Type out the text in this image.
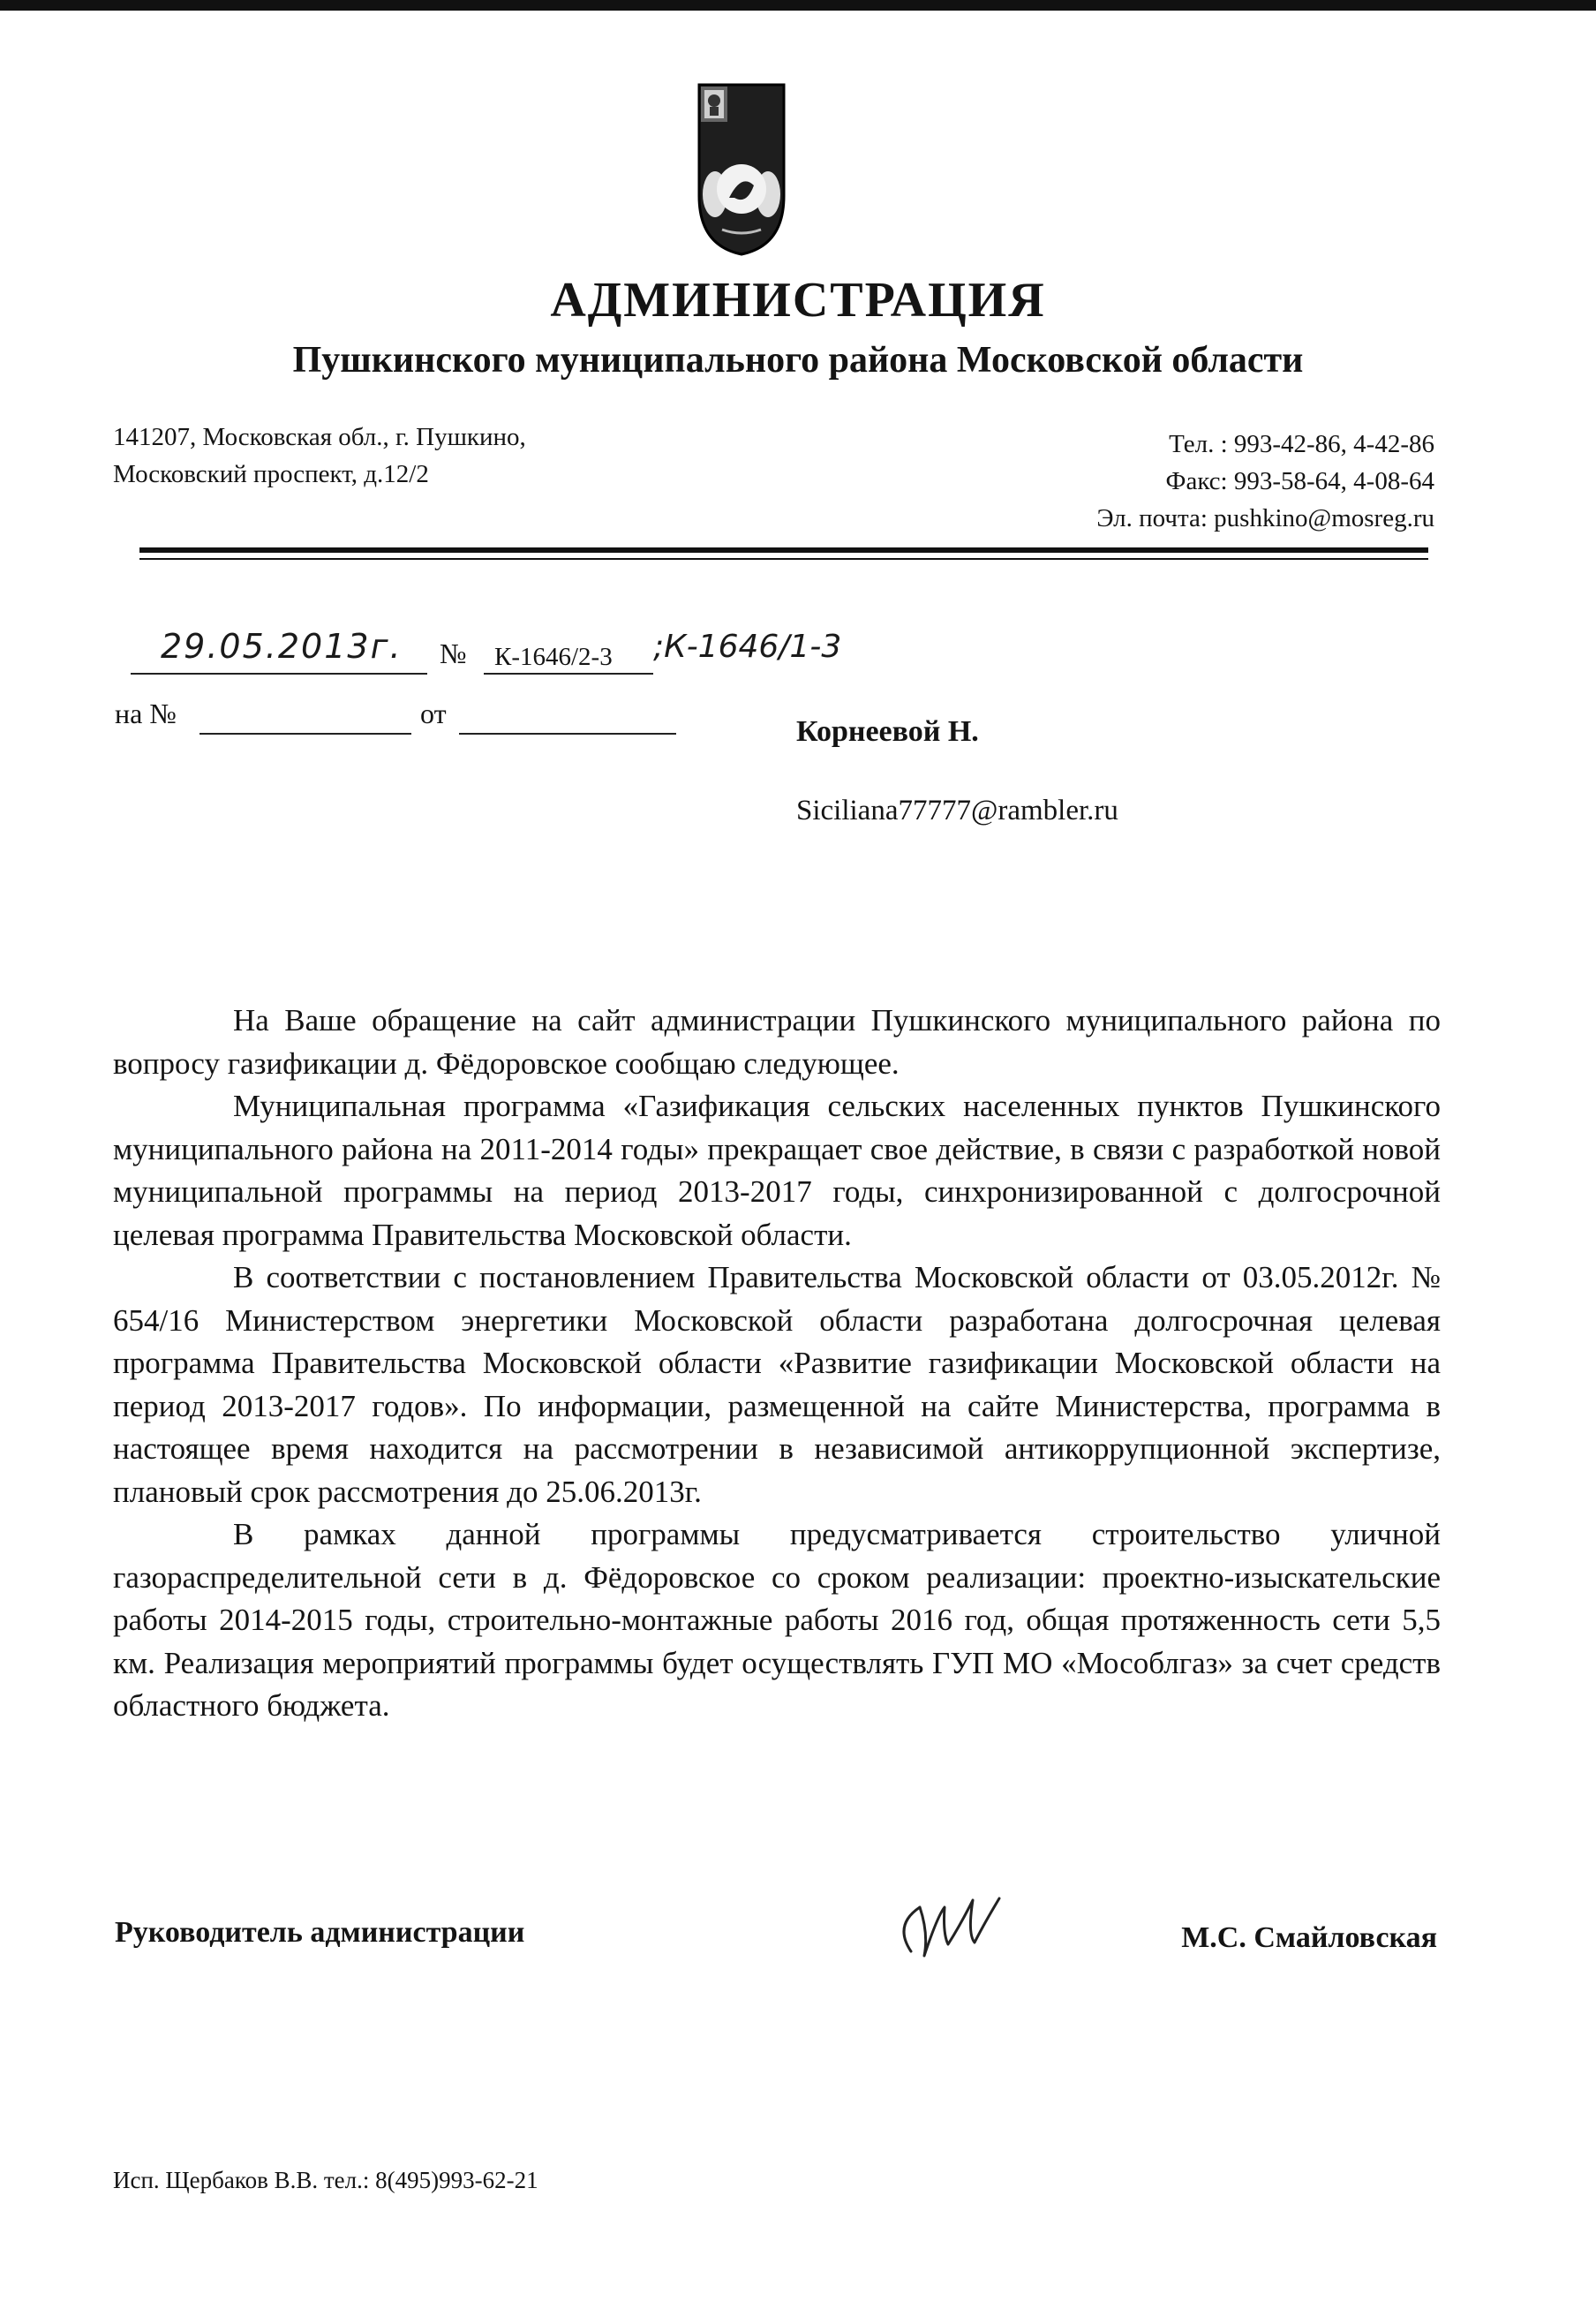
АДМИНИСТРАЦИЯ
Пушкинского муниципального района Московской области
141207, Московская обл., г. Пушкино,
Московский проспект, д.12/2
Тел. : 993-42-86, 4-42-86
Факс: 993-58-64, 4-08-64
Эл. почта: pushkino@mosreg.ru
29.05.2013г. № К-1646/2-3 ;К-1646/1-3
на №	от
Корнеевой Н.
Siciliana77777@rambler.ru

На Ваше обращение на сайт администрации Пушкинского муниципального района по вопросу газификации д. Фёдоровское сообщаю следующее.

Муниципальная программа «Газификация сельских населенных пунктов Пушкинского муниципального района на 2011-2014 годы» прекращает свое действие, в связи с разработкой новой муниципальной программы на период 2013-2017 годы, синхронизированной с долгосрочной целевая программа Правительства Московской области.

В соответствии с постановлением Правительства Московской области от 03.05.2012г. № 654/16 Министерством энергетики Московской области разработана долгосрочная целевая программа Правительства Московской области «Развитие газификации Московской области на период 2013-2017 годов». По информации, размещенной на сайте Министерства, программа в настоящее время находится на рассмотрении в независимой антикоррупционной экспертизе, плановый срок рассмотрения до 25.06.2013г.

В рамках данной программы предусматривается строительство уличной газораспределительной сети в д. Фёдоровское со сроком реализации: проектно-изыскательские работы 2014-2015 годы, строительно-монтажные работы 2016 год, общая протяженность сети 5,5 км. Реализация мероприятий программы будет осуществлять ГУП МО «Мособлгаз» за счет средств областного бюджета.

Руководитель администрации	М.С. Смайловская
Исп. Щербаков В.В. тел.: 8(495)993-62-21
